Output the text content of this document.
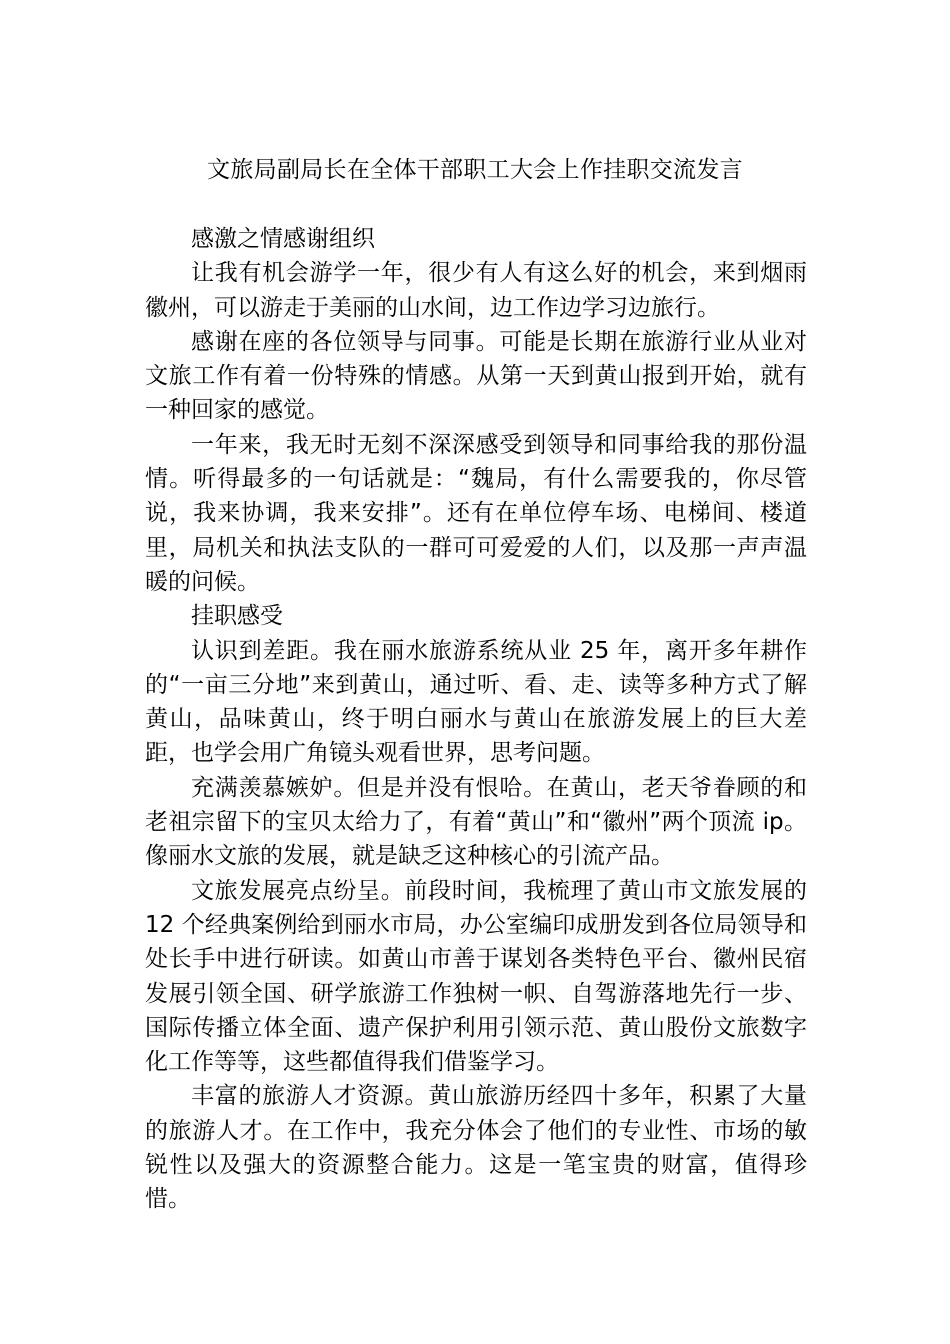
文旅局副局长在全体干部职工大会上作挂职交流发言

感激之情感谢组织

让我有机会游学一年，很少有人有这么好的机会，来到烟雨徽州，可以游走于美丽的山水间，边工作边学习边旅行。

感谢在座的各位领导与同事。可能是长期在旅游行业从业对文旅工作有着一份特殊的情感。从第一天到黄山报到开始，就有一种回家的感觉。

一年来，我无时无刻不深深感受到领导和同事给我的那份温情。听得最多的一句话就是：“魏局，有什么需要我的，你尽管说，我来协调，我来安排”。还有在单位停车场、电梯间、楼道里，局机关和执法支队的一群可可爱爱的人们，以及那一声声温暖的问候。

挂职感受

认识到差距。我在丽水旅游系统从业 25 年，离开多年耕作的“一亩三分地”来到黄山，通过听、看、走、读等多种方式了解黄山，品味黄山，终于明白丽水与黄山在旅游发展上的巨大差距，也学会用广角镜头观看世界，思考问题。

充满羡慕嫉妒。但是并没有恨哈。在黄山，老天爷眷顾的和老祖宗留下的宝贝太给力了，有着“黄山”和“徽州”两个顶流 ip。像丽水文旅的发展，就是缺乏这种核心的引流产品。

文旅发展亮点纷呈。前段时间，我梳理了黄山市文旅发展的 12 个经典案例给到丽水市局，办公室编印成册发到各位局领导和处长手中进行研读。如黄山市善于谋划各类特色平台、徽州民宿发展引领全国、研学旅游工作独树一帜、自驾游落地先行一步、国际传播立体全面、遗产保护利用引领示范、黄山股份文旅数字化工作等等，这些都值得我们借鉴学习。

丰富的旅游人才资源。黄山旅游历经四十多年，积累了大量的旅游人才。在工作中，我充分体会了他们的专业性、市场的敏锐性以及强大的资源整合能力。这是一笔宝贵的财富，值得珍惜。
